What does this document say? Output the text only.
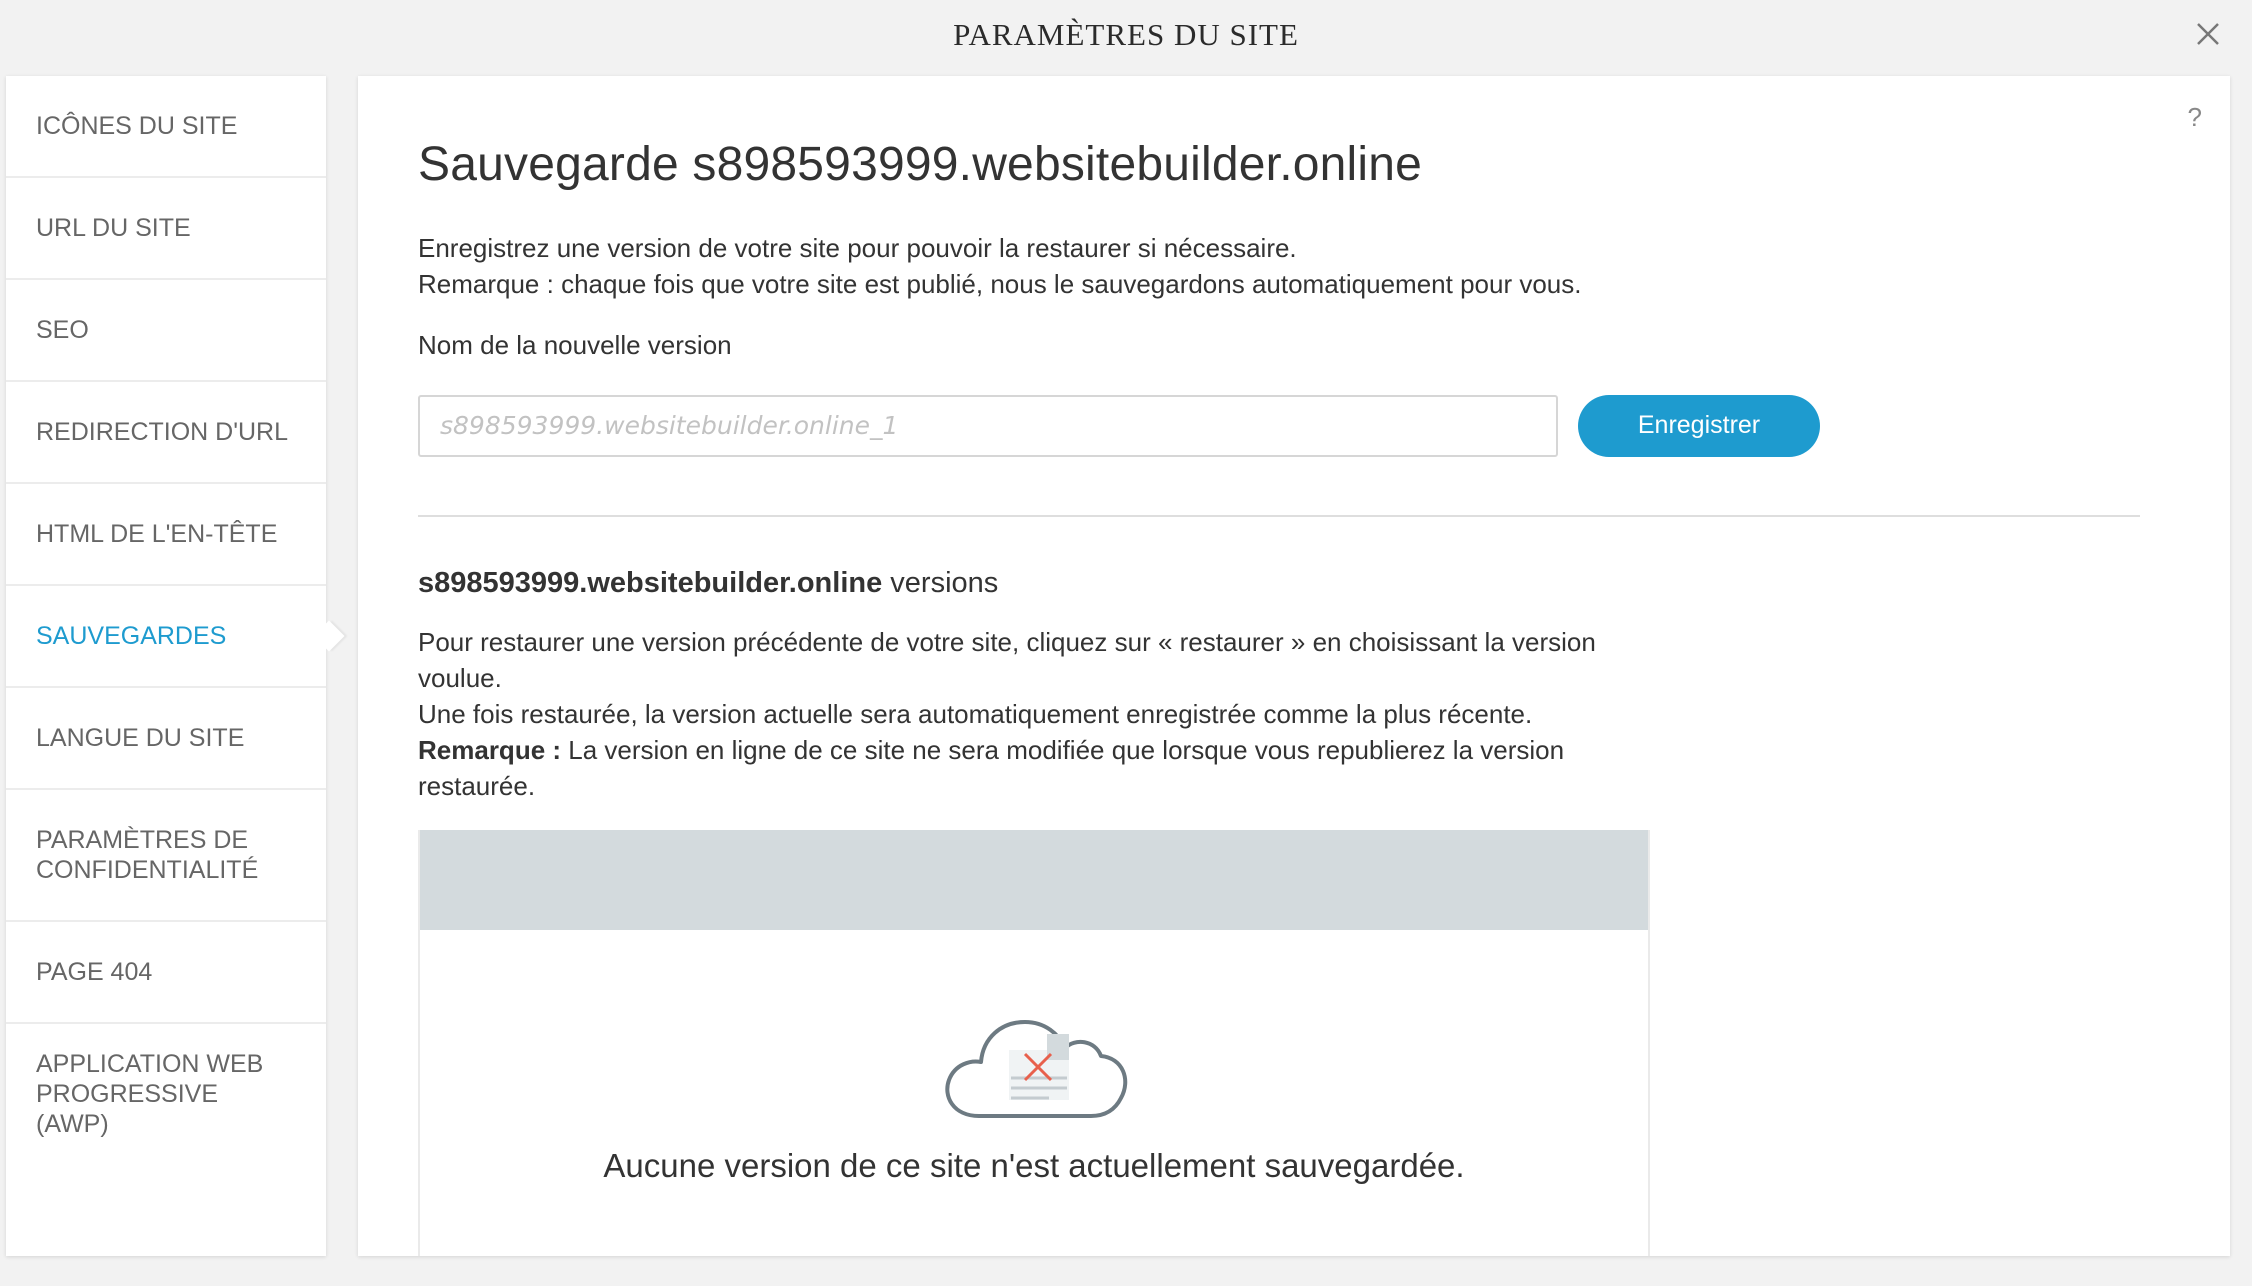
PARAMÈTRES DU SITE
ICÔNES DU SITE
URL DU SITE
SEO
REDIRECTION D'URL
HTML DE L'EN-TÊTE
SAUVEGARDES
LANGUE DU SITE
PARAMÈTRES DE CONFIDENTIALITÉ
PAGE 404
APPLICATION WEB PROGRESSIVE (AWP)
?
Sauvegarde s898593999.websitebuilder.online
Enregistrez une version de votre site pour pouvoir la restaurer si nécessaire.
Remarque : chaque fois que votre site est publié, nous le sauvegardons automatiquement pour vous.
Nom de la nouvelle version
s898593999.websitebuilder.online_1
Enregistrer
s898593999.websitebuilder.online versions
Pour restaurer une version précédente de votre site, cliquez sur « restaurer » en choisissant la version voulue.
Une fois restaurée, la version actuelle sera automatiquement enregistrée comme la plus récente.
Remarque : La version en ligne de ce site ne sera modifiée que lorsque vous republierez la version restaurée.
Aucune version de ce site n'est actuellement sauvegardée.
